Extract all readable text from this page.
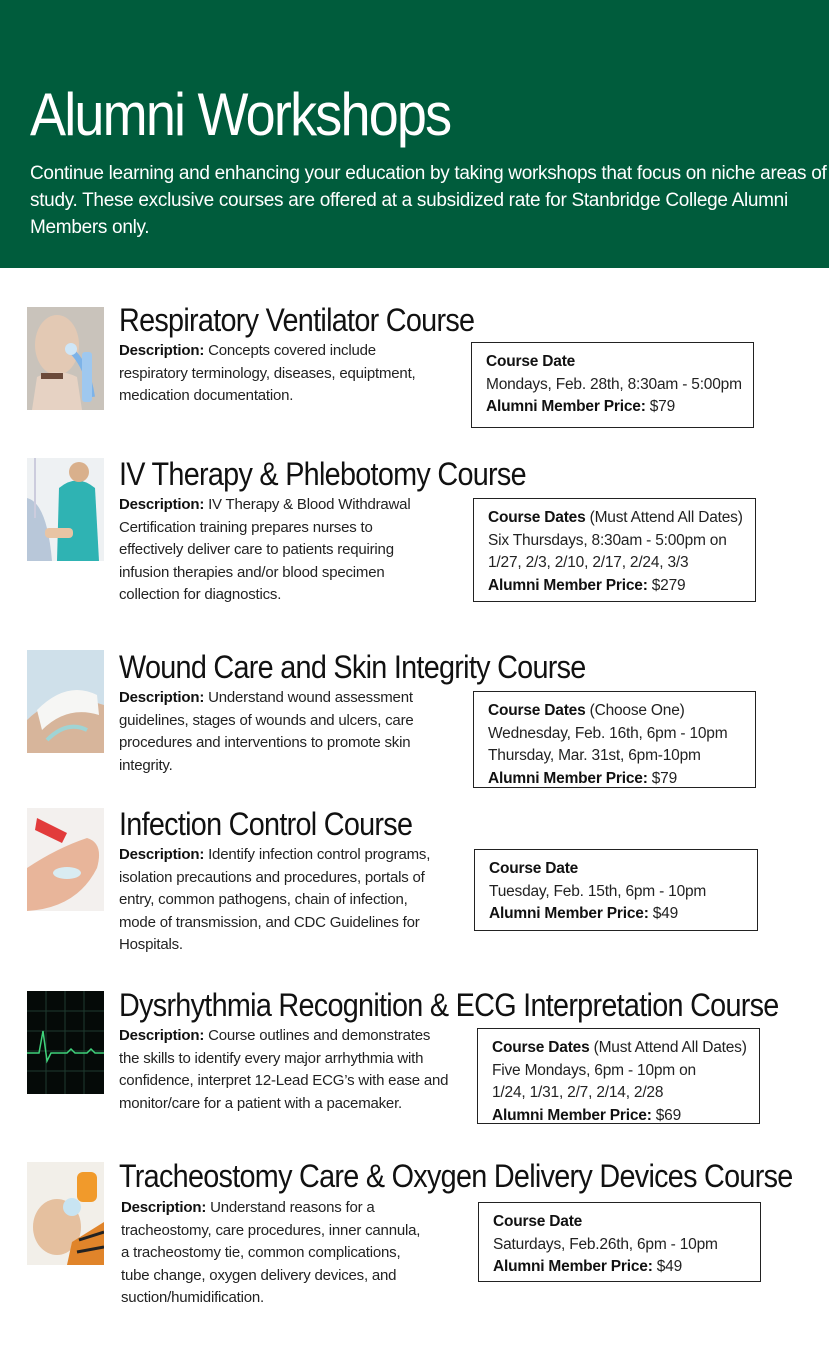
Alumni Workshops

Continue learning and enhancing your education by taking workshops that focus on niche areas of study. These exclusive courses are offered at a subsidized rate for Stanbridge College Alumni Members only.

Respiratory Ventilator Course

Description: Concepts covered include respiratory terminology, diseases, equiptment, medication documentation.

Course Date
Mondays, Feb. 28th, 8:30am - 5:00pm
Alumni Member Price: $79
IV Therapy & Phlebotomy Course

Description: IV Therapy & Blood Withdrawal Certification training prepares nurses to effectively deliver care to patients requiring infusion therapies and/or blood specimen collection for diagnostics.

Course Dates (Must Attend All Dates)
Six Thursdays, 8:30am - 5:00pm on
1/27, 2/3, 2/10, 2/17, 2/24, 3/3
Alumni Member Price: $279
Wound Care and Skin Integrity Course

Description: Understand wound assessment guidelines, stages of wounds and ulcers, care procedures and interventions to promote skin integrity.

Course Dates (Choose One)
Wednesday, Feb. 16th, 6pm - 10pm
Thursday, Mar. 31st, 6pm-10pm
Alumni Member Price: $79
Infection Control Course

Description: Identify infection control programs, isolation precautions and procedures, portals of entry, common pathogens, chain of infection, mode of transmission, and CDC Guidelines for Hospitals.

Course Date
Tuesday, Feb. 15th, 6pm - 10pm
Alumni Member Price: $49
Dysrhythmia Recognition & ECG Interpretation Course

Description: Course outlines and demonstrates the skills to identify every major arrhythmia with confidence, interpret 12-Lead ECG’s with ease and monitor/care for a patient with a pacemaker.

Course Dates (Must Attend All Dates)
Five Mondays, 6pm - 10pm on
1/24, 1/31, 2/7, 2/14, 2/28
Alumni Member Price: $69
Tracheostomy Care & Oxygen Delivery Devices Course

Description: Understand reasons for a tracheostomy, care procedures, inner cannula, a tracheostomy tie, common complications, tube change, oxygen delivery devices, and suction/humidification.

Course Date
Saturdays, Feb.26th, 6pm - 10pm
Alumni Member Price: $49
